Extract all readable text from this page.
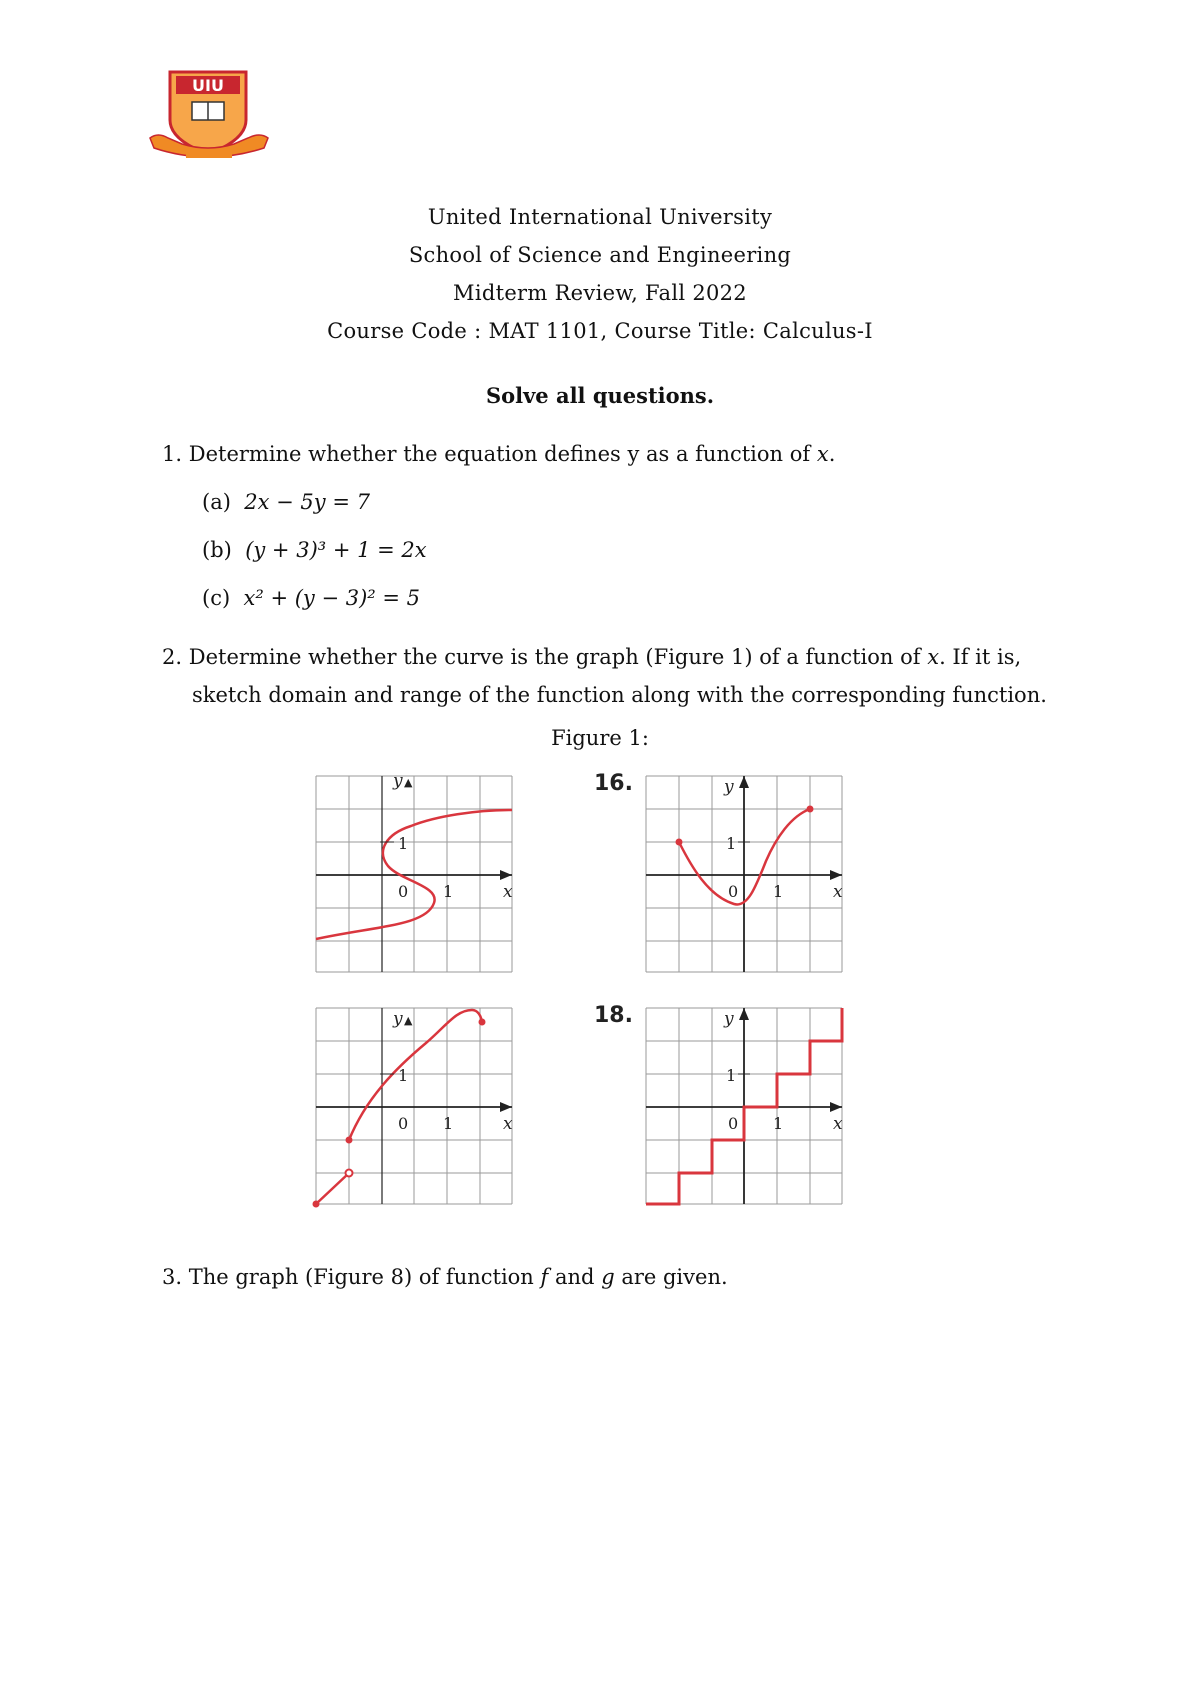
UIU
United International University
School of Science and Engineering
Midterm Review, Fall 2022
Course Code : MAT 1101, Course Title: Calculus-I
Solve all questions.
1. Determine whether the equation defines y as a function of x.
(a) 2x − 5y = 7
(b) (y + 3)³ + 1 = 2x
(c) x² + (y − 3)² = 5
2. Determine whether the curve is the graph (Figure 1) of a function of x. If it is,
sketch domain and range of the function along with the corresponding function.
Figure 1:
y ▲
1
0 1	x
16.	y
1
0 1	x
y ▲
1
0 1	x
18.	y
1
0 1	x
3. The graph (Figure 8) of function f and g are given.
